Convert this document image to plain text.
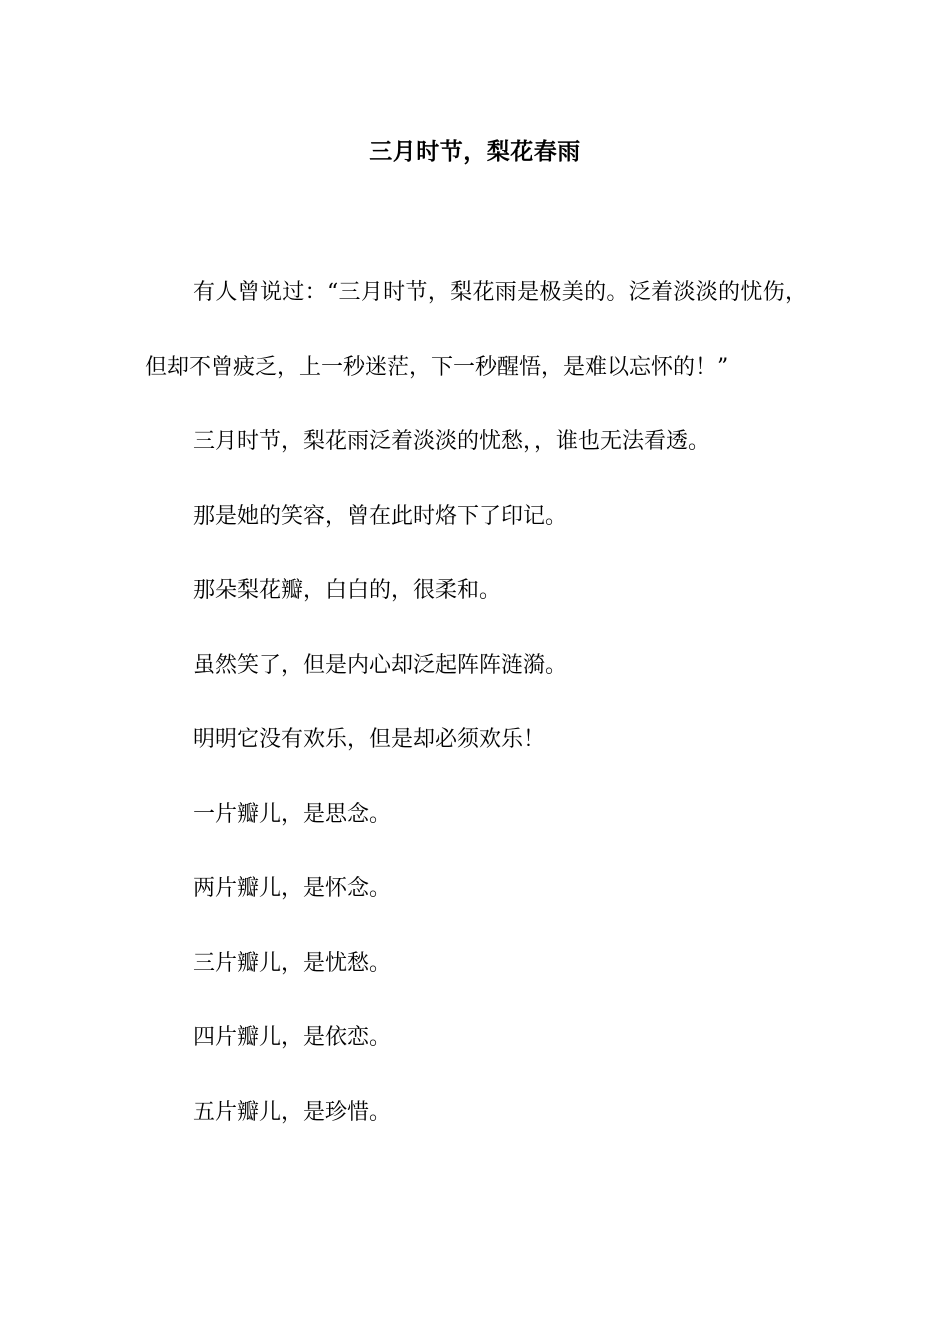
三月时节，梨花春雨

有人曾说过：“三月时节，梨花雨是极美的。泛着淡淡的忧伤，但却不曾疲乏，上一秒迷茫，下一秒醒悟，是难以忘怀的！”

三月时节，梨花雨泛着淡淡的忧愁，，谁也无法看透。

那是她的笑容，曾在此时烙下了印记。

那朵梨花瓣，白白的，很柔和。

虽然笑了，但是内心却泛起阵阵涟漪。

明明它没有欢乐，但是却必须欢乐！

一片瓣儿，是思念。

两片瓣儿，是怀念。

三片瓣儿，是忧愁。

四片瓣儿，是依恋。

五片瓣儿，是珍惜。
